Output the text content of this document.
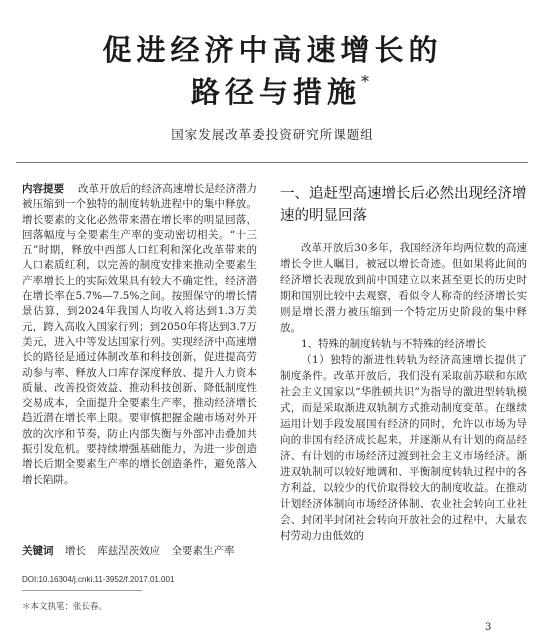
促进经济中高速增长的
路径与措施*
国家发展改革委投资研究所课题组
内容提要 　 改革开放后的经济高速增长是经济潜力被压缩到一个独特的制度转轨进程中的集中释放。增长要素的文化必然带来潜在增长率的明显回落，回落幅度与全要素生产率的变动密切相关。“十三五”时期，释放中西部人口红利和深化改革带来的人口素质红利，以完善的制度安排来推动全要素生产率增长上的实际效果具有较大不确定性，经济潜在增长率在5.7%—7.5%之间。按照保守的增长情景估算，到2024年我国人均收入将达到1.3万美元，跨入高收入国家行列；到2050年将达到3.7万美元，进入中等发达国家行列。实现经济中高速增长的路径是通过体制改革和科技创新，促进提高劳动参与率、释放人口库存深度释放、提升人力资本质量、改善投资效益、推动科技创新、降低制度性交易成本，全面提升全要素生产率，推动经济增长趋近潜在增长率上限。要审慎把握金融市场对外开放的次序和节奏，防止内部失衡与外部冲击叠加共振引发危机。要持续增强基础能力，为进一步创造增长后期全要素生产率的增长创造条件，避免落入增长陷阱。
关键词 增长 库兹涅茨效应 全要素生产率
DOI:10.16304/j.cnki.11-3952/f.2017.01.001
＊本文执笔：张长春。
一、追赶型高速增长后必然出现经济增速的明显回落

改革开放后30多年，我国经济年均两位数的高速增长令世人瞩目，被冠以增长奇迹。但如果将此间的经济增长表现放到前中国建立以来甚至更长的历史时期和国别比较中去观察，看似令人称奇的经济增长实则是增长潜力被压缩到一个特定历史阶段的集中释放。

1、特殊的制度转轨与不特殊的经济增长

（1）独特的渐进性转轨为经济高速增长提供了制度条件。改革开放后，我们没有采取前苏联和东欧社会主义国家以“华胜顿共识”为指导的激进型转轨模式，而是采取渐进双轨制方式推动制度变革。在继续运用计划手段发展国有经济的同时，允许以市场为导向的非国有经济成长起来，并逐渐从有计划的商品经济、有计划的市场经济过渡到社会主义市场经济。渐进双轨制可以较好地调和、平衡制度转轨过程中的各方利益，以较少的代价取得较大的制度收益。在推动计划经济体制向市场经济体制、农业社会转向工业社会、封闭半封闭社会转向开放社会的过程中，大量农村劳动力由低效的

3
